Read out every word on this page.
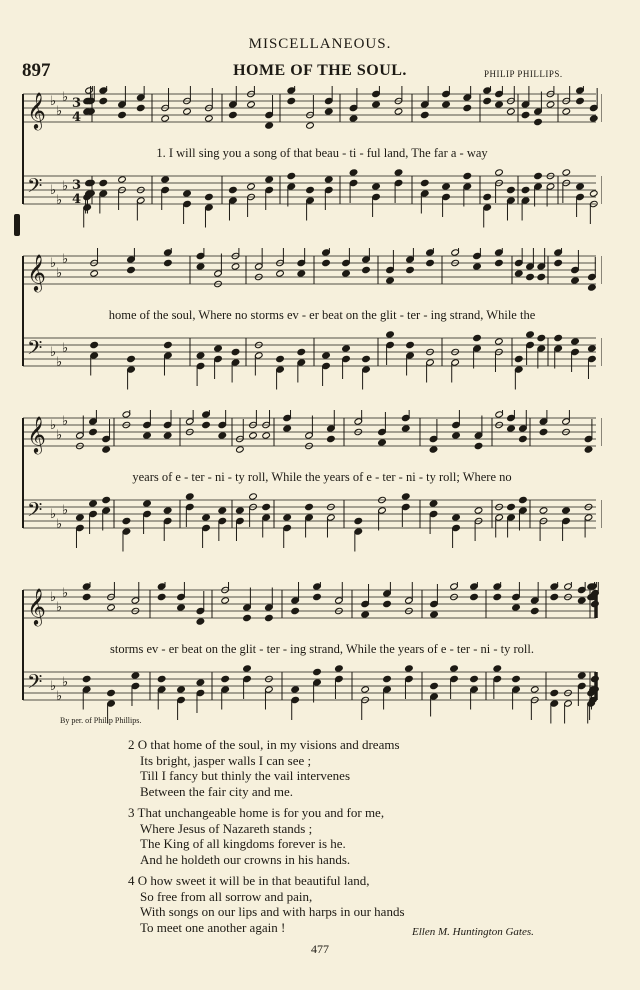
MISCELLANEOUS.
897	HOME OF THE SOUL.	PHILIP PHILLIPS.
𝄞 ♭
♭
♭ 3
4
𝄢 ♭
♭
♭ 3
4
1. I will sing you a song of that beau - ti - ful land, The far a - way
𝄞 ♭
♭
♭
𝄢 ♭
♭
♭
home of the soul, Where no storms ev - er beat on the glit - ter - ing strand, While the
𝄞 ♭
♭
♭
𝄢 ♭
♭
♭
years of e - ter - ni - ty roll, While the years of e - ter - ni - ty roll; Where no
𝄞 ♭
♭
♭
𝄢 ♭
♭
♭
storms ev - er beat on the glit - ter - ing strand, While the years of e - ter - ni - ty roll.
By per. of Philip Phillips.
2 O that home of the soul, in my visions and dreams
Its bright, jasper walls I can see ;
Till I fancy but thinly the vail intervenes
Between the fair city and me.
3 That unchangeable home is for you and for me,
Where Jesus of Nazareth stands ;
The King of all kingdoms forever is he.
And he holdeth our crowns in his hands.
4 O how sweet it will be in that beautiful land,
So free from all sorrow and pain,
With songs on our lips and with harps in our hands
To meet one another again !	Ellen M. Huntington Gates.
477
